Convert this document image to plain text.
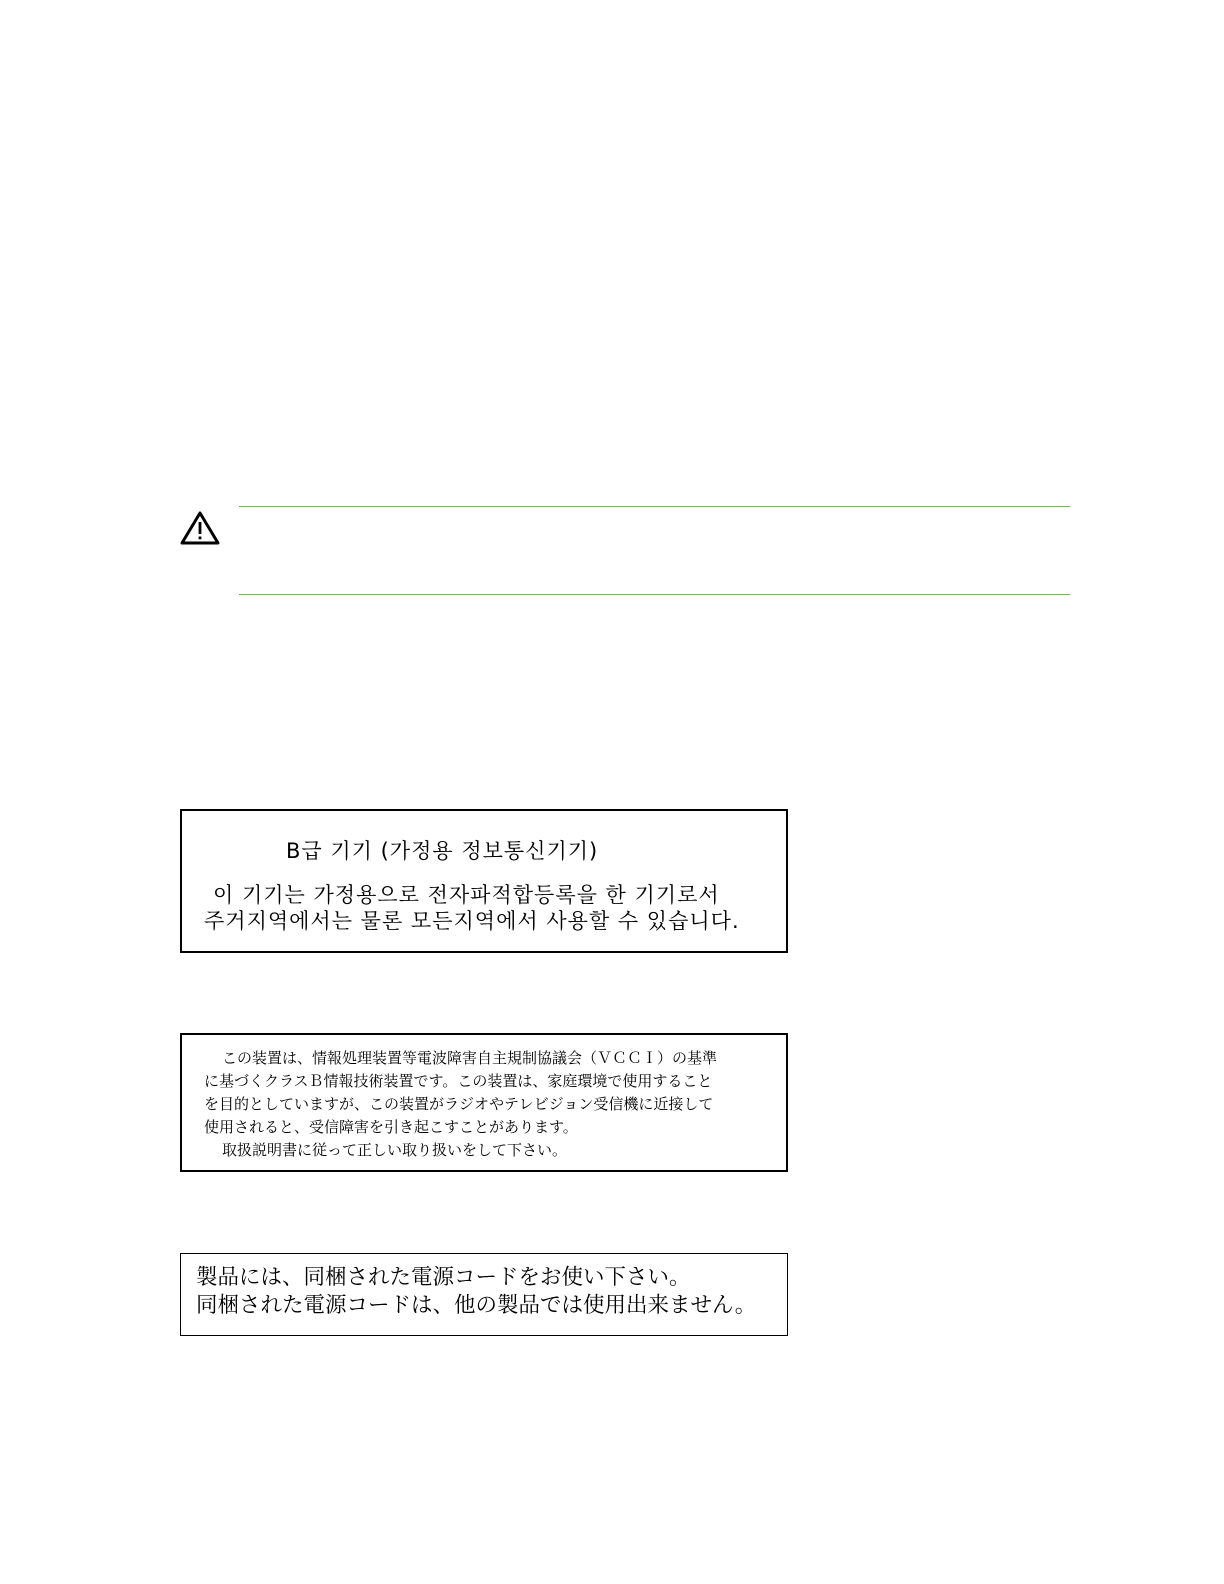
B급 기기 (가정용 정보통신기기)
이 기기는 가정용으로 전자파적합등록을 한 기기로서
주거지역에서는 물론 모든지역에서 사용할 수 있습니다.

この装置は、情報処理装置等電波障害自主規制協議会（ＶＣＣＩ）の基準

に基づくクラスＢ情報技術装置です。この装置は、家庭環境で使用すること

を目的としていますが、この装置がラジオやテレビジョン受信機に近接して

使用されると、受信障害を引き起こすことがあります。

取扱説明書に従って正しい取り扱いをして下さい。

製品には、同梱された電源コードをお使い下さい。

同梱された電源コードは、他の製品では使用出来ません。
